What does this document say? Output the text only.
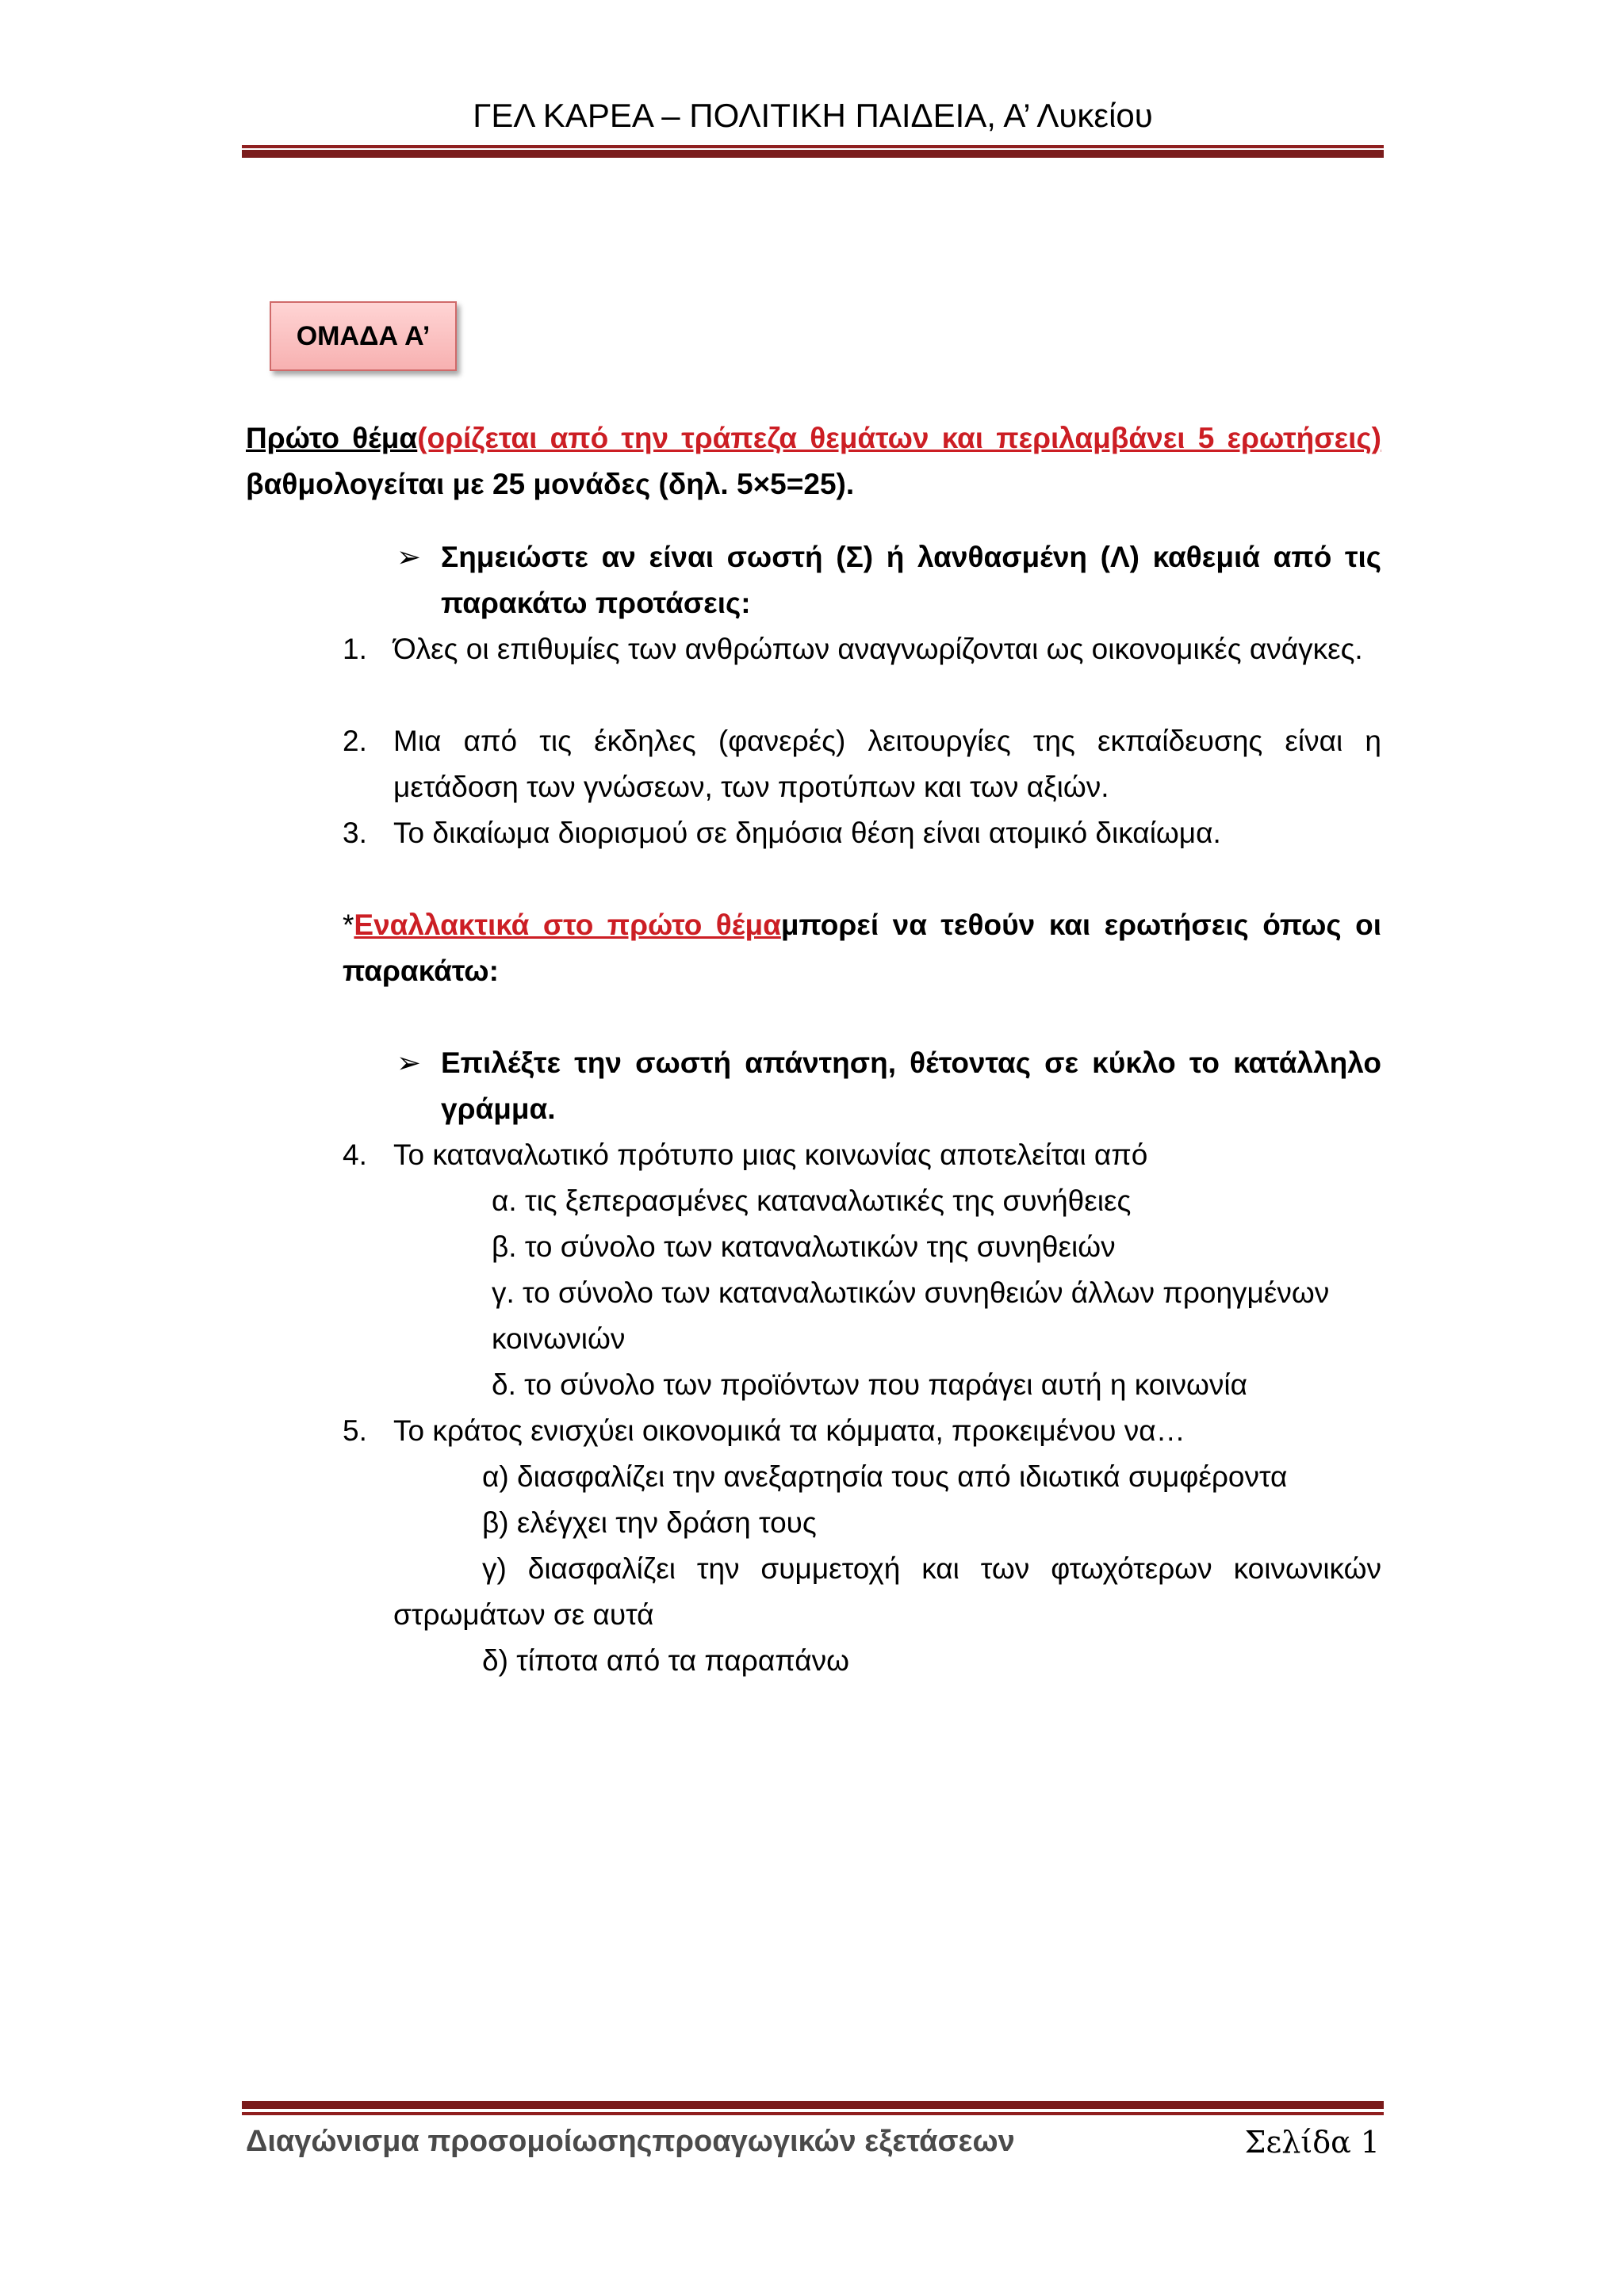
ΓΕΛ ΚΑΡΕΑ – ΠΟΛΙΤΙΚΗ ΠΑΙΔΕΙΑ, Α’ Λυκείου
ΟΜΑΔΑ Α’
Πρώτο θέμα(ορίζεται από την τράπεζα θεμάτων και περιλαμβάνει 5 ερωτήσεις) βαθμολογείται με 25 μονάδες (δηλ. 5×5=25).
➢ Σημειώστε αν είναι σωστή (Σ) ή λανθασμένη (Λ) καθεμιά από τις παρακάτω προτάσεις:
1. Όλες οι επιθυμίες των ανθρώπων αναγνωρίζονται ως οικονομικές ανάγκες.
2. Μια από τις έκδηλες (φανερές) λειτουργίες της εκπαίδευσης είναι η μετάδοση των γνώσεων, των προτύπων και των αξιών.
3. Το δικαίωμα διορισμού σε δημόσια θέση είναι ατομικό δικαίωμα.
*Εναλλακτικά στο πρώτο θέμαμπορεί να τεθούν και ερωτήσεις όπως οι παρακάτω:
➢ Επιλέξτε την σωστή απάντηση, θέτοντας σε κύκλο το κατάλληλο γράμμα.
4. Το καταναλωτικό πρότυπο μιας κοινωνίας αποτελείται από
α. τις ξεπερασμένες καταναλωτικές της συνήθειες
β. το σύνολο των καταναλωτικών της συνηθειών
γ. το σύνολο των καταναλωτικών συνηθειών άλλων προηγμένων
κοινωνιών
δ. το σύνολο των προϊόντων που παράγει αυτή η κοινωνία
5. Το κράτος ενισχύει οικονομικά τα κόμματα, προκειμένου να…
α) διασφαλίζει την ανεξαρτησία τους από ιδιωτικά συμφέροντα
β) ελέγχει την δράση τους
γ) διασφαλίζει την συμμετοχή και των φτωχότερων κοινωνικών
στρωμάτων σε αυτά
δ) τίποτα από τα παραπάνω
Διαγώνισμα προσομοίωσηςπροαγωγικών εξετάσεων	Σελίδα 1
